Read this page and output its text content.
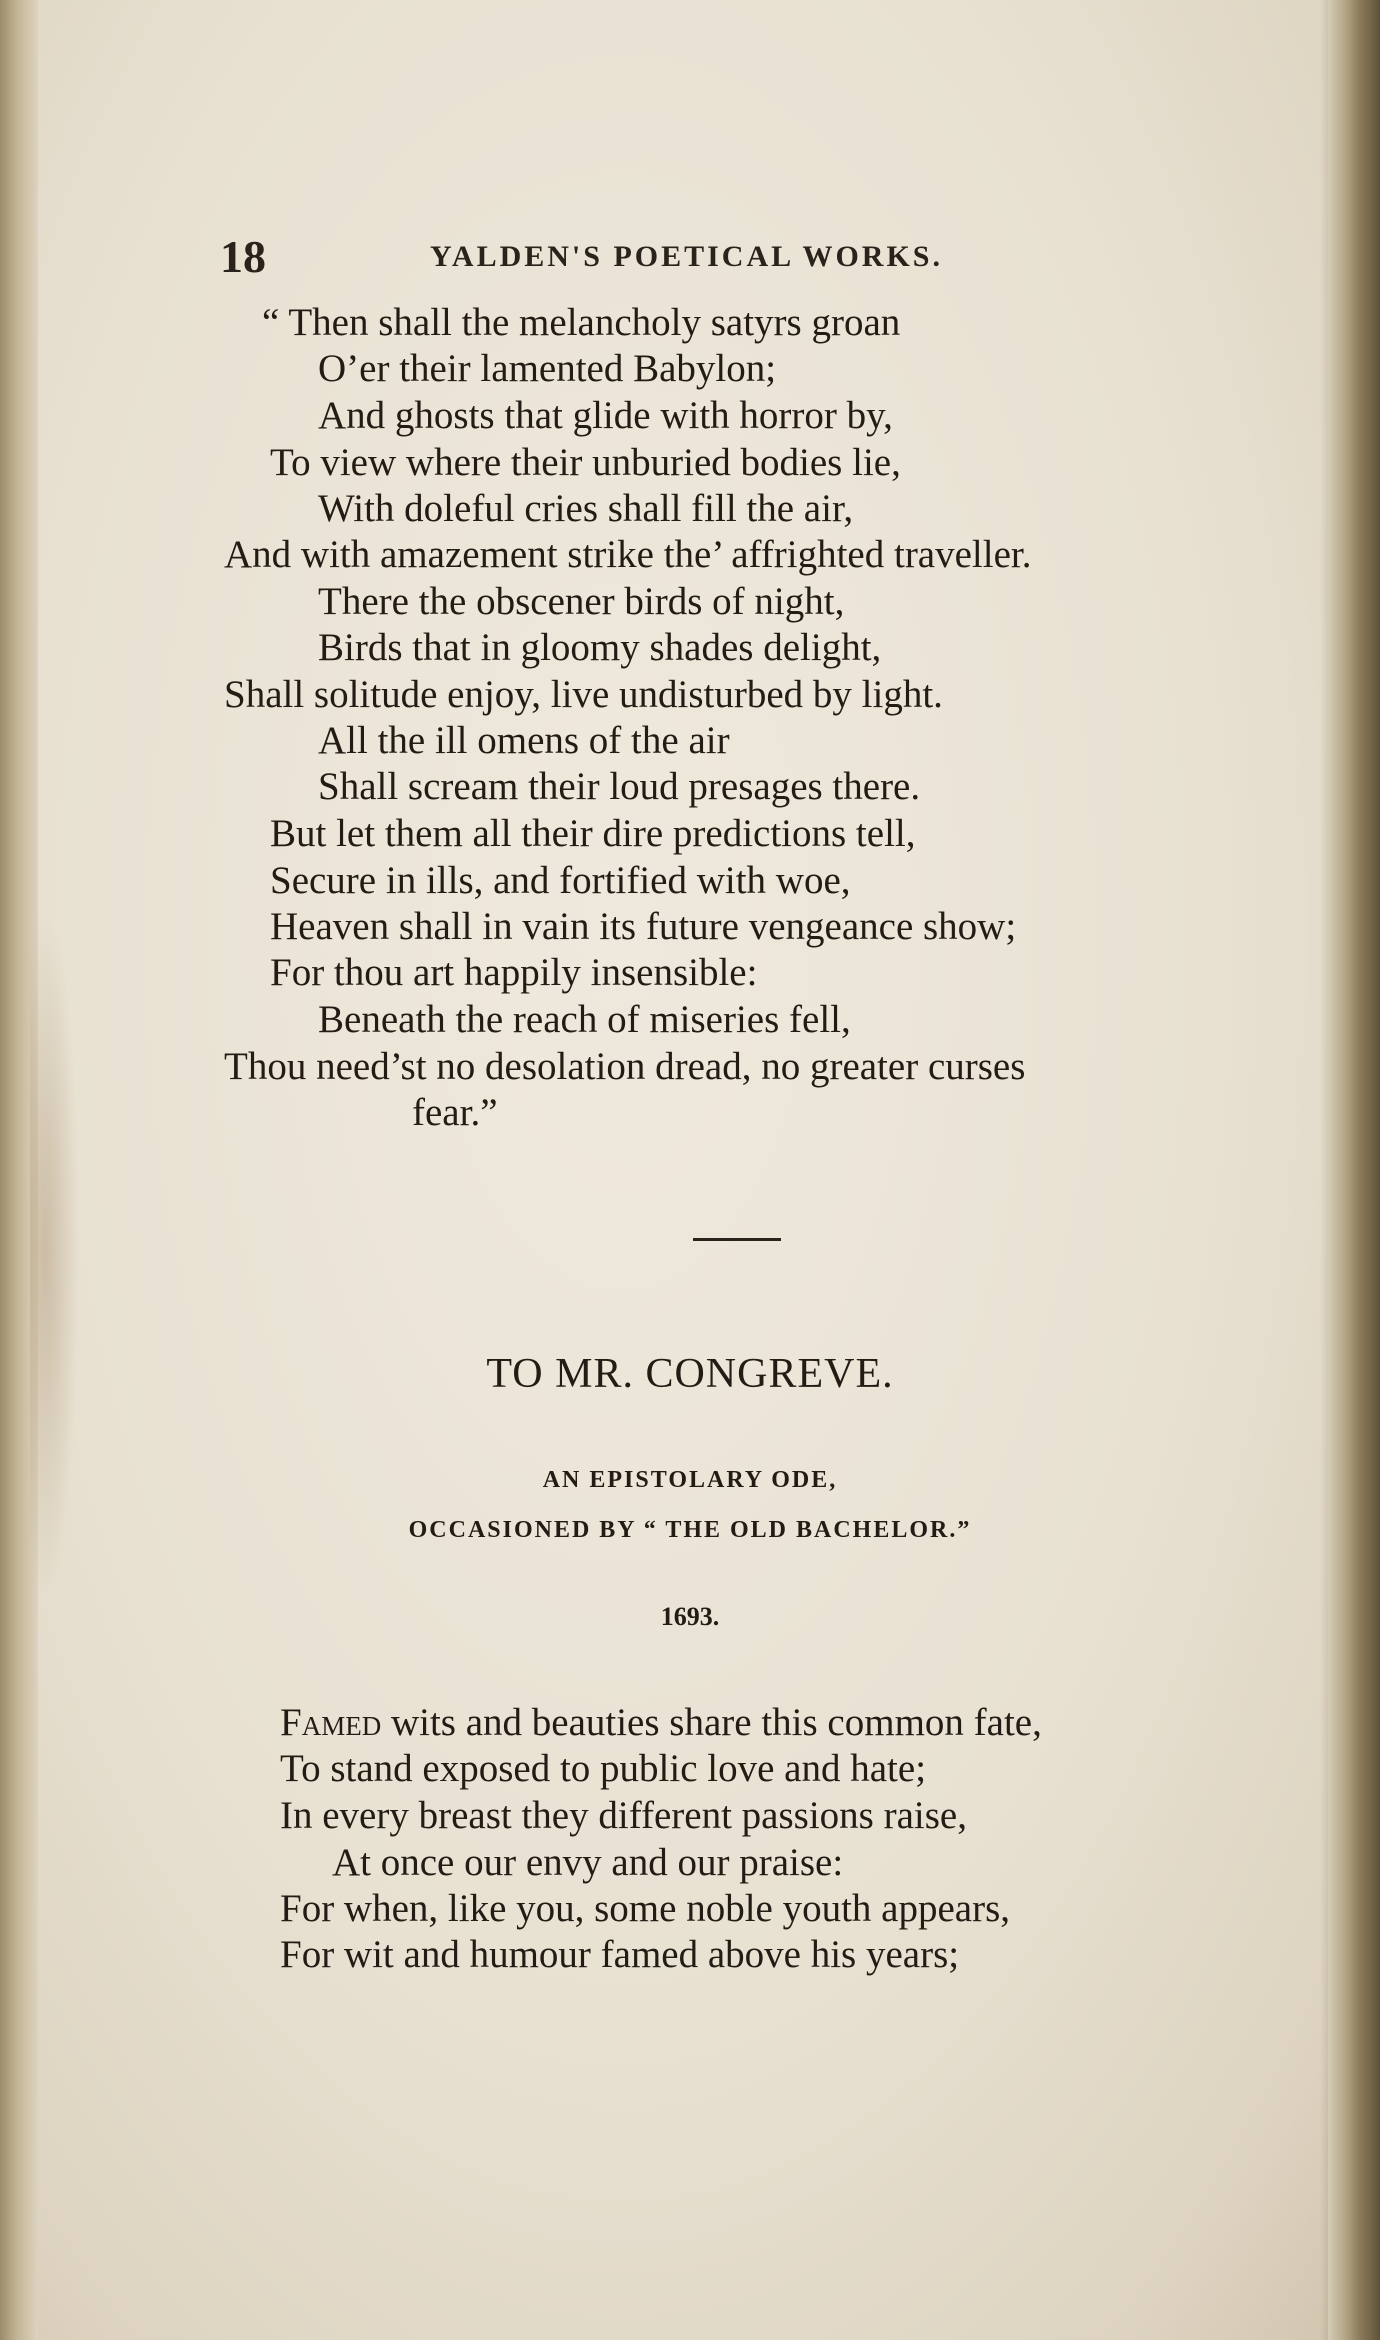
18	YALDEN'S POETICAL WORKS.
“ Then shall the melancholy satyrs groan
O’er their lamented Babylon;
And ghosts that glide with horror by,
To view where their unburied bodies lie,
With doleful cries shall fill the air,
And with amazement strike the’ affrighted traveller.
There the obscener birds of night,
Birds that in gloomy shades delight,
Shall solitude enjoy, live undisturbed by light.
All the ill omens of the air
Shall scream their loud presages there.
But let them all their dire predictions tell,
Secure in ills, and fortified with woe,
Heaven shall in vain its future vengeance show;
For thou art happily insensible:
Beneath the reach of miseries fell,
Thou need’st no desolation dread, no greater curses
fear.”
TO MR. CONGREVE.
AN EPISTOLARY ODE,
OCCASIONED BY “ THE OLD BACHELOR.”
1693.
Famed wits and beauties share this common fate,
To stand exposed to public love and hate;
In every breast they different passions raise,
At once our envy and our praise:
For when, like you, some noble youth appears,
For wit and humour famed above his years;
